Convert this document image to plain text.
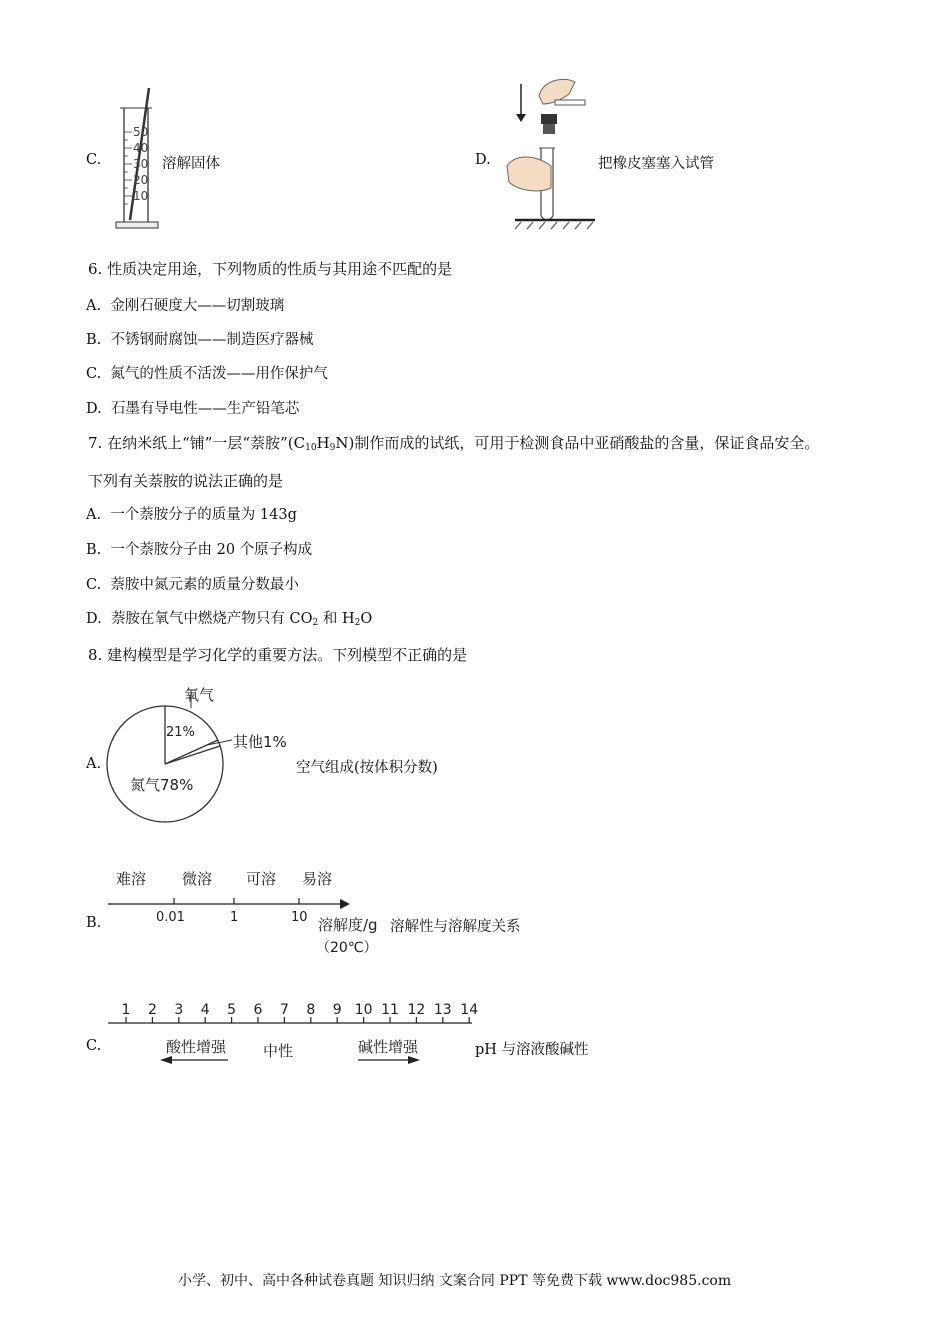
C.
50
40
30
20
10
溶解固体	D.	把橡皮塞塞入试管
6. 性质决定用途，下列物质的性质与其用途不匹配的是
A. 金刚石硬度大——切割玻璃
B. 不锈钢耐腐蚀——制造医疗器械
C. 氮气的性质不活泼——用作保护气
D. 石墨有导电性——生产铅笔芯
7. 在纳米纸上“铺”一层“萘胺$”(C_{10}H_9N)$制作而成的试纸，可用于检测食品中亚硝酸盐的含量，保证食品安全。
下列有关萘胺的说法正确的是
A. 一个萘胺分子的质量为 143g
B. 一个萘胺分子由 20 个原子构成
C. 萘胺中氮元素的质量分数最小
D. 萘胺在氧气中燃烧产物只有 $CO_2$ 和 $H_2O$
8. 建构模型是学习化学的重要方法。下列模型不正确的是
A.
氧气
21%
其他1%
氮气78%
空气组成(按体积分数)
B.
难溶 微溶 可溶 易溶
0.01	1	10 溶解度/g
（20℃）
溶解性与溶解度关系
C.
1 2 3 4 5 6 7 8 9 10 11 12 13 14
酸性增强 中性	碱性增强	pH 与溶液酸碱性
小学、初中、高中各种试卷真题 知识归纳 文案合同 PPT 等免费下载 www.doc985.com
